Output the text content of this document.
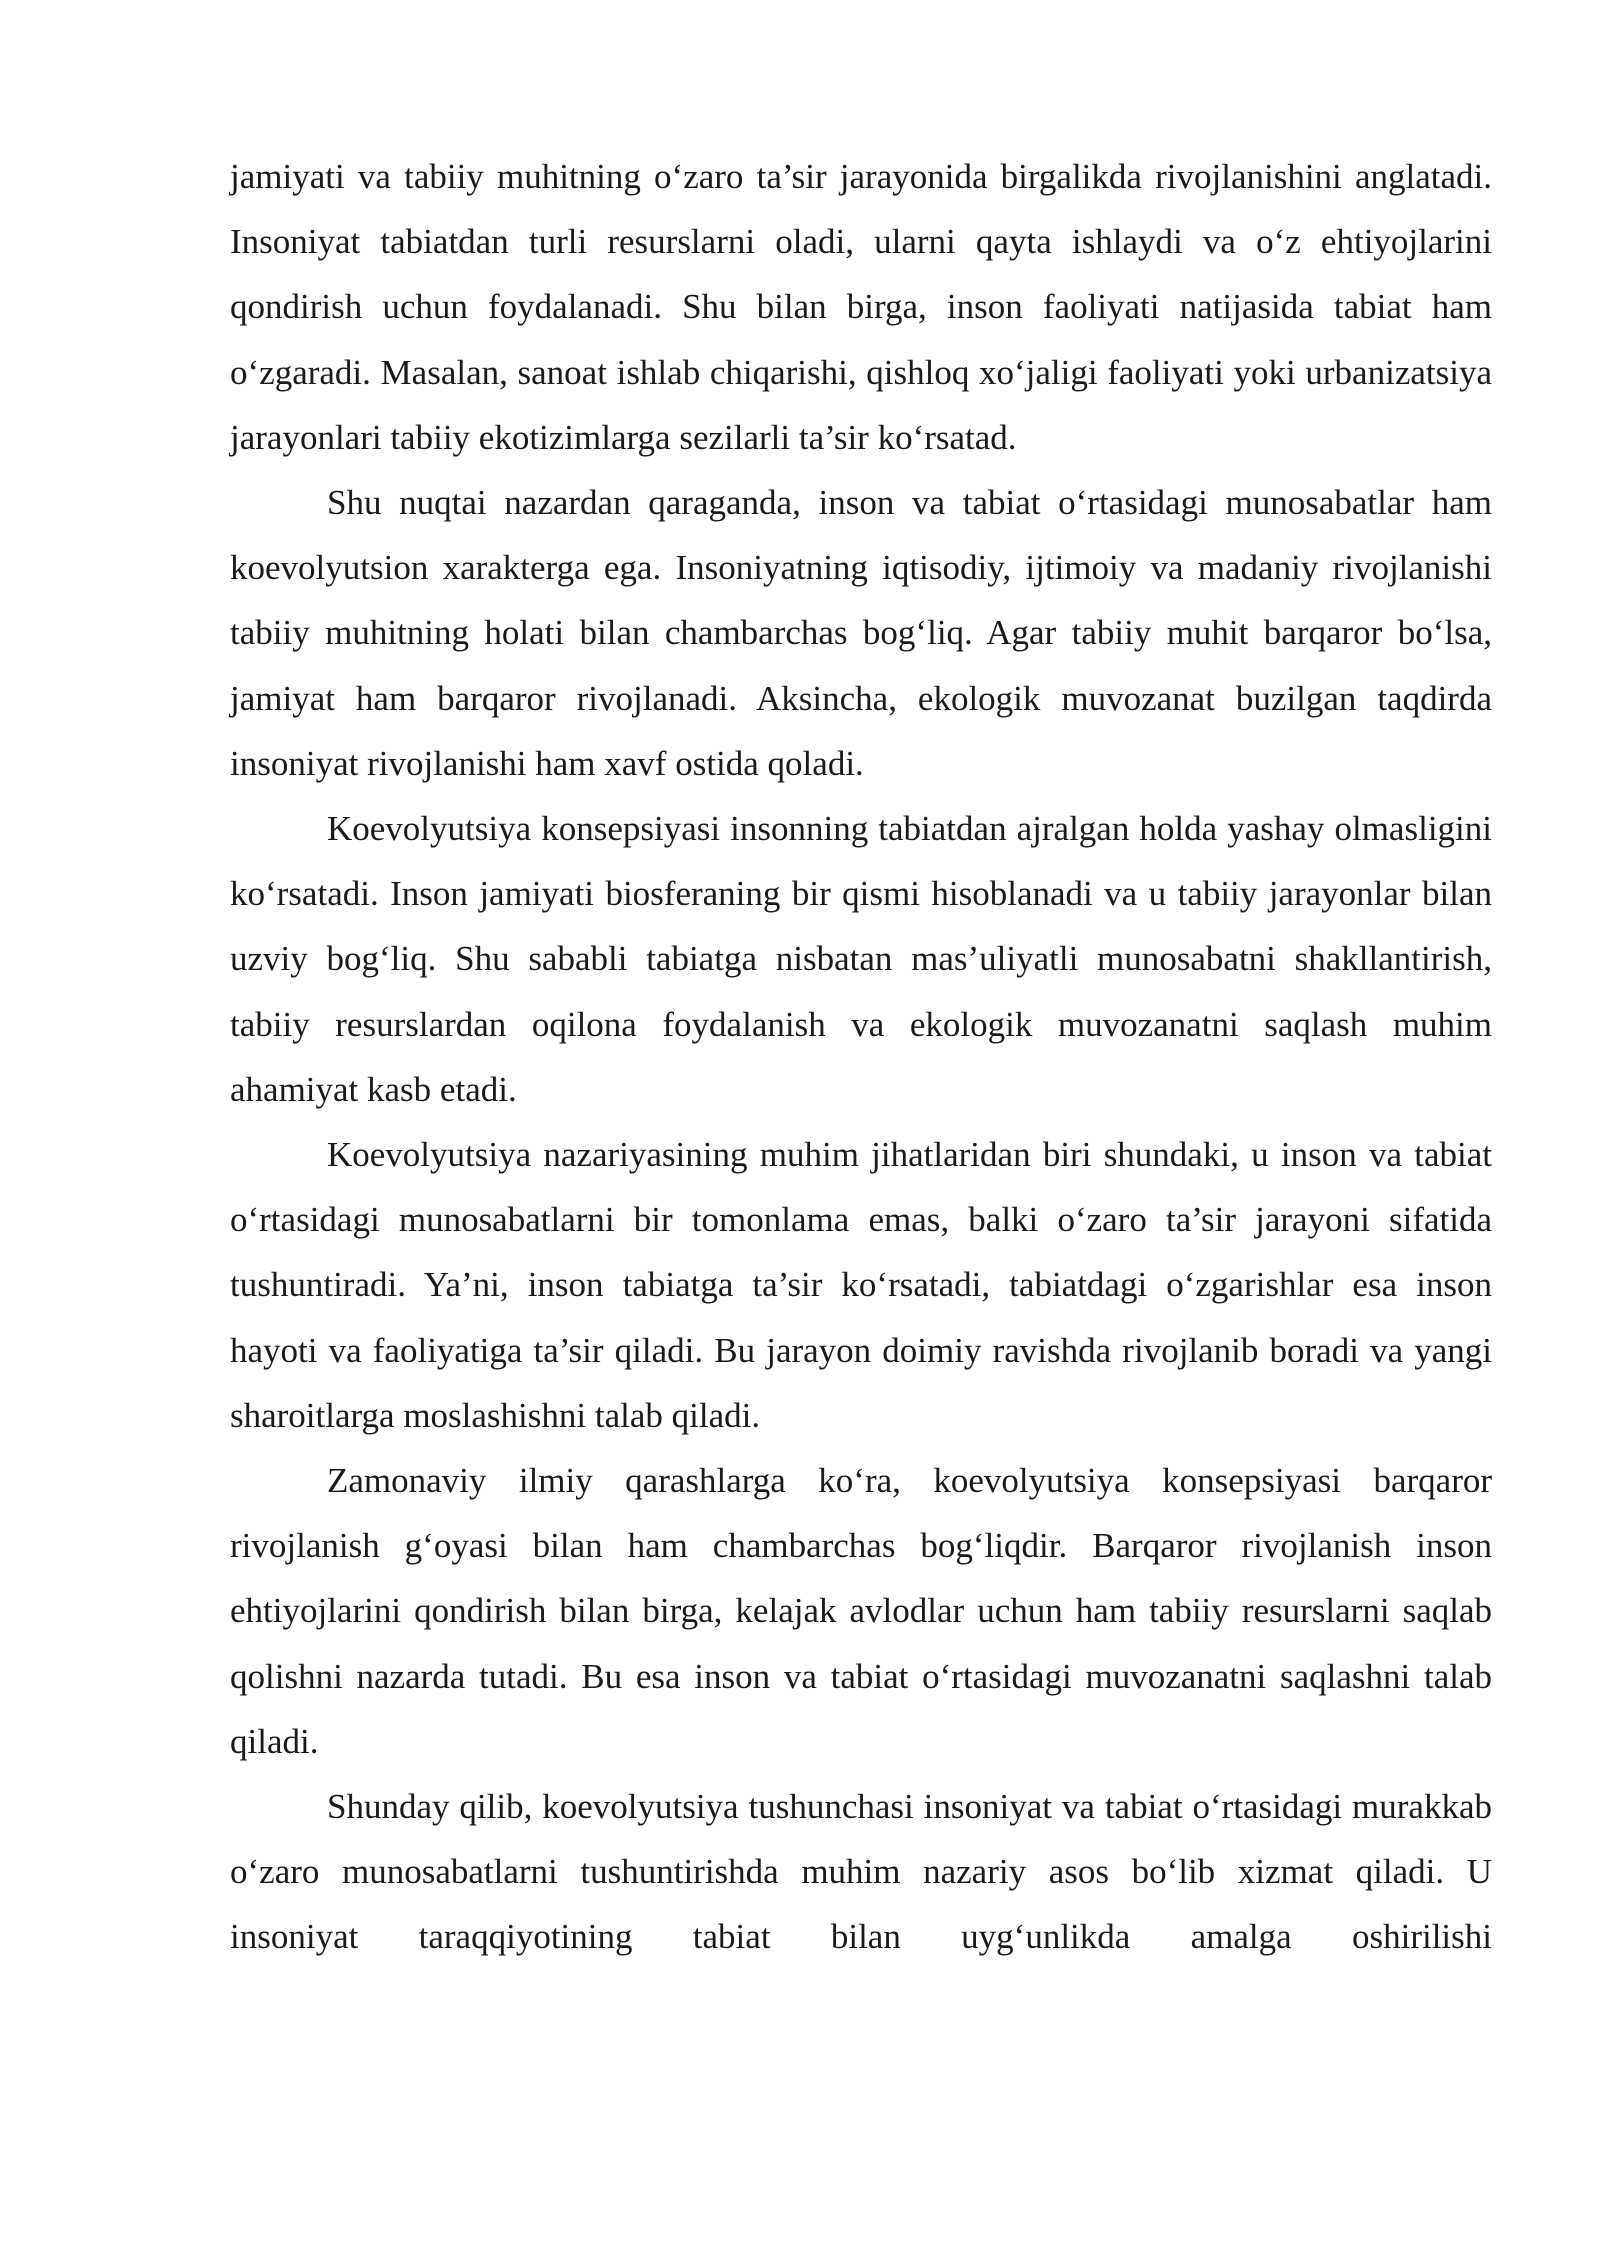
jamiyati va tabiiy muhitning o‘zaro ta’sir jarayonida birgalikda rivojlanishini anglatadi. Insoniyat tabiatdan turli resurslarni oladi, ularni qayta ishlaydi va o‘z ehtiyojlarini qondirish uchun foydalanadi. Shu bilan birga, inson faoliyati natijasida tabiat ham o‘zgaradi. Masalan, sanoat ishlab chiqarishi, qishloq xo‘jaligi faoliyati yoki urbanizatsiya jarayonlari tabiiy ekotizimlarga sezilarli ta’sir ko‘rsatad.

Shu nuqtai nazardan qaraganda, inson va tabiat o‘rtasidagi munosabatlar ham koevolyutsion xarakterga ega. Insoniyatning iqtisodiy, ijtimoiy va madaniy rivojlanishi tabiiy muhitning holati bilan chambarchas bog‘liq. Agar tabiiy muhit barqaror bo‘lsa, jamiyat ham barqaror rivojlanadi. Aksincha, ekologik muvozanat buzilgan taqdirda insoniyat rivojlanishi ham xavf ostida qoladi.

Koevolyutsiya konsepsiyasi insonning tabiatdan ajralgan holda yashay olmasligini ko‘rsatadi. Inson jamiyati biosferaning bir qismi hisoblanadi va u tabiiy jarayonlar bilan uzviy bog‘liq. Shu sababli tabiatga nisbatan mas’uliyatli munosabatni shakllantirish, tabiiy resurslardan oqilona foydalanish va ekologik muvozanatni saqlash muhim ahamiyat kasb etadi.

Koevolyutsiya nazariyasining muhim jihatlaridan biri shundaki, u inson va tabiat o‘rtasidagi munosabatlarni bir tomonlama emas, balki o‘zaro ta’sir jarayoni sifatida tushuntiradi. Ya’ni, inson tabiatga ta’sir ko‘rsatadi, tabiatdagi o‘zgarishlar esa inson hayoti va faoliyatiga ta’sir qiladi. Bu jarayon doimiy ravishda rivojlanib boradi va yangi sharoitlarga moslashishni talab qiladi.

Zamonaviy ilmiy qarashlarga ko‘ra, koevolyutsiya konsepsiyasi barqaror rivojlanish g‘oyasi bilan ham chambarchas bog‘liqdir. Barqaror rivojlanish inson ehtiyojlarini qondirish bilan birga, kelajak avlodlar uchun ham tabiiy resurslarni saqlab qolishni nazarda tutadi. Bu esa inson va tabiat o‘rtasidagi muvozanatni saqlashni talab qiladi.

Shunday qilib, koevolyutsiya tushunchasi insoniyat va tabiat o‘rtasidagi murakkab o‘zaro munosabatlarni tushuntirishda muhim nazariy asos bo‘lib xizmat qiladi. U insoniyat taraqqiyotining tabiat bilan uyg‘unlikda amalga oshirilishi
